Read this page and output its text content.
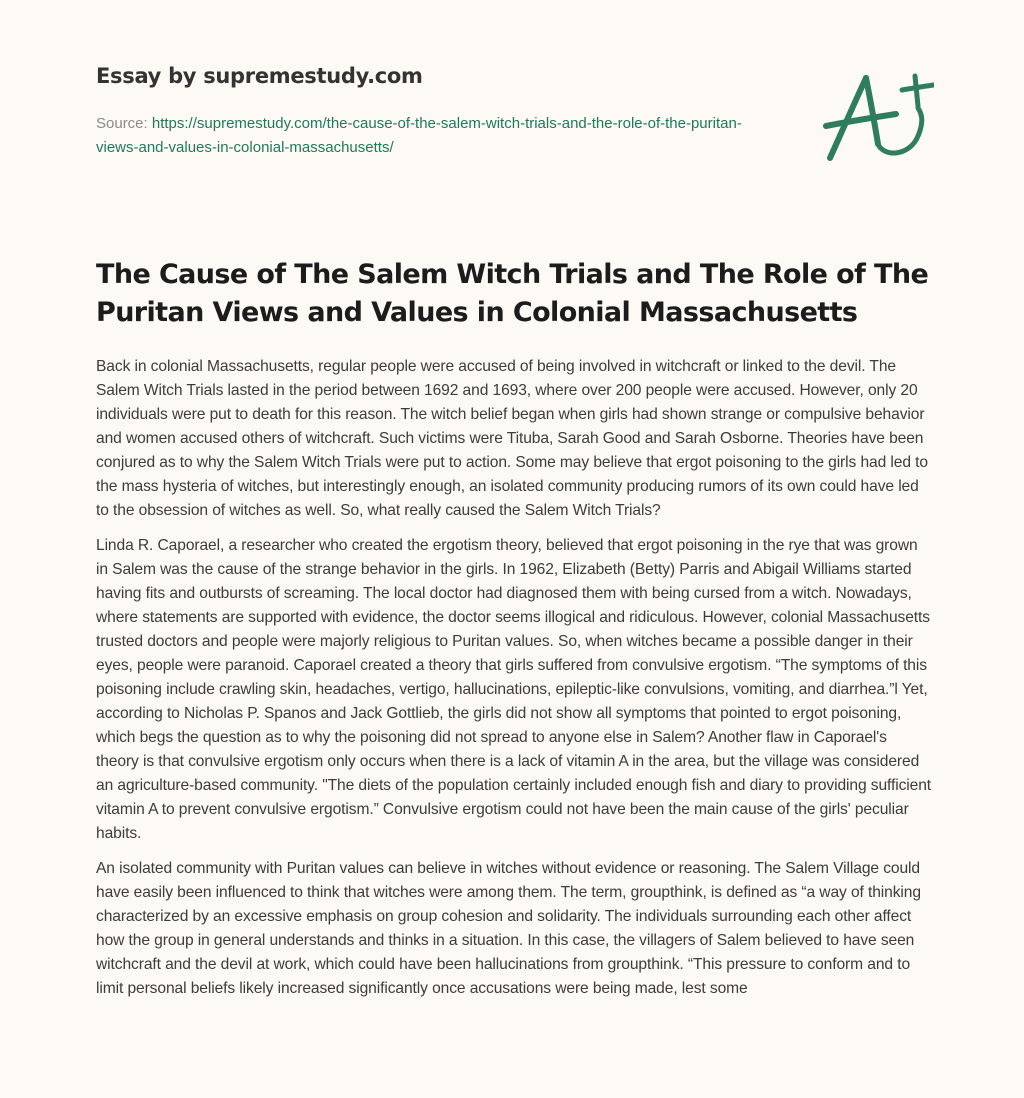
Essay by supremestudy.com
Source: https://supremestudy.com/the-cause-of-the-salem-witch-trials-and-the-role-of-the-puritan-views-and-values-in-colonial-massachusetts/
The Cause of The Salem Witch Trials and The Role of The Puritan Views and Values in Colonial Massachusetts

Back in colonial Massachusetts, regular people were accused of being involved in witchcraft or linked to the devil. The Salem Witch Trials lasted in the period between 1692 and 1693, where over 200 people were accused. However, only 20 individuals were put to death for this reason. The witch belief began when girls had shown strange or compulsive behavior and women accused others of witchcraft. Such victims were Tituba, Sarah Good and Sarah Osborne. Theories have been conjured as to why the Salem Witch Trials were put to action. Some may believe that ergot poisoning to the girls had led to the mass hysteria of witches, but interestingly enough, an isolated community producing rumors of its own could have led to the obsession of witches as well. So, what really caused the Salem Witch Trials?

Linda R. Caporael, a researcher who created the ergotism theory, believed that ergot poisoning in the rye that was grown in Salem was the cause of the strange behavior in the girls. In 1962, Elizabeth (Betty) Parris and Abigail Williams started having fits and outbursts of screaming. The local doctor had diagnosed them with being cursed from a witch. Nowadays, where statements are supported with evidence, the doctor seems illogical and ridiculous. However, colonial Massachusetts trusted doctors and people were majorly religious to Puritan values. So, when witches became a possible danger in their eyes, people were paranoid. Caporael created a theory that girls suffered from convulsive ergotism. “The symptoms of this poisoning include crawling skin, headaches, vertigo, hallucinations, epileptic-like convulsions, vomiting, and diarrhea.”l Yet, according to Nicholas P. Spanos and Jack Gottlieb, the girls did not show all symptoms that pointed to ergot poisoning, which begs the question as to why the poisoning did not spread to anyone else in Salem? Another flaw in Caporael's theory is that convulsive ergotism only occurs when there is a lack of vitamin A in the area, but the village was considered an agriculture-based community. "The diets of the population certainly included enough fish and diary to providing sufficient vitamin A to prevent convulsive ergotism.” Convulsive ergotism could not have been the main cause of the girls' peculiar habits.

An isolated community with Puritan values can believe in witches without evidence or reasoning. The Salem Village could have easily been influenced to think that witches were among them. The term, groupthink, is defined as “a way of thinking characterized by an excessive emphasis on group cohesion and solidarity. The individuals surrounding each other affect how the group in general understands and thinks in a situation. In this case, the villagers of Salem believed to have seen witchcraft and the devil at work, which could have been hallucinations from groupthink. “This pressure to conform and to limit personal beliefs likely increased significantly once accusations were being made, lest some
